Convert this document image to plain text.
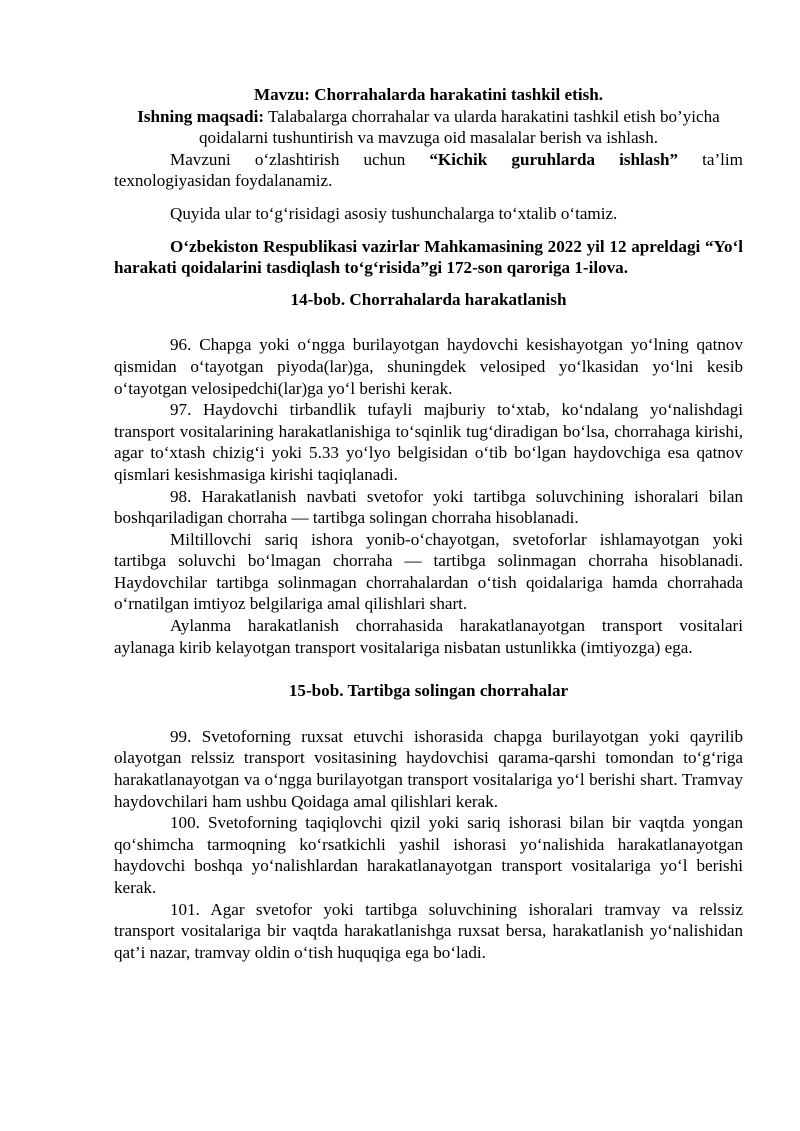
Mavzu: Chorrahalarda harakatini tashkil etish.

Ishning maqsadi: Talabalarga chorrahalar va ularda harakatini tashkil etish bo’yicha qoidalarni tushuntirish va mavzuga oid masalalar berish va ishlash.

Mavzuni o‘zlashtirish uchun “Kichik guruhlarda ishlash” ta’lim texnologiyasidan foydalanamiz.

Quyida ular to‘g‘risidagi asosiy tushunchalarga to‘xtalib o‘tamiz.

O‘zbekiston Respublikasi vazirlar Mahkamasining 2022 yil 12 apreldagi “Yo‘l harakati qoidalarini tasdiqlash to‘g‘risida”gi 172-son qaroriga 1-ilova.

14-bob. Chorrahalarda harakatlanish

96. Chapga yoki o‘ngga burilayotgan haydovchi kesishayotgan yo‘lning qatnov qismidan o‘tayotgan piyoda(lar)ga, shuningdek velosiped yo‘lkasidan yo‘lni kesib o‘tayotgan velosipedchi(lar)ga yo‘l berishi kerak.

97. Haydovchi tirbandlik tufayli majburiy to‘xtab, ko‘ndalang yo‘nalishdagi transport vositalarining harakatlanishiga to‘sqinlik tug‘diradigan bo‘lsa, chorrahaga kirishi, agar to‘xtash chizig‘i yoki 5.33 yo‘lyo belgisidan o‘tib bo‘lgan haydovchiga esa qatnov qismlari kesishmasiga kirishi taqiqlanadi.

98. Harakatlanish navbati svetofor yoki tartibga soluvchining ishoralari bilan boshqariladigan chorraha — tartibga solingan chorraha hisoblanadi.

Miltillovchi sariq ishora yonib-o‘chayotgan, svetoforlar ishlamayotgan yoki tartibga soluvchi bo‘lmagan chorraha — tartibga solinmagan chorraha hisoblanadi. Haydovchilar tartibga solinmagan chorrahalardan o‘tish qoidalariga hamda chorrahada o‘rnatilgan imtiyoz belgilariga amal qilishlari shart.

Aylanma harakatlanish chorrahasida harakatlanayotgan transport vositalari aylanaga kirib kelayotgan transport vositalariga nisbatan ustunlikka (imtiyozga) ega.

15-bob. Tartibga solingan chorrahalar

99. Svetoforning ruxsat etuvchi ishorasida chapga burilayotgan yoki qayrilib olayotgan relssiz transport vositasining haydovchisi qarama-qarshi tomondan to‘g‘riga harakatlanayotgan va o‘ngga burilayotgan transport vositalariga yo‘l berishi shart. Tramvay haydovchilari ham ushbu Qoidaga amal qilishlari kerak.

100. Svetoforning taqiqlovchi qizil yoki sariq ishorasi bilan bir vaqtda yongan qo‘shimcha tarmoqning ko‘rsatkichli yashil ishorasi yo‘nalishida harakatlanayotgan haydovchi boshqa yo‘nalishlardan harakatlanayotgan transport vositalariga yo‘l berishi kerak.

101. Agar svetofor yoki tartibga soluvchining ishoralari tramvay va relssiz transport vositalariga bir vaqtda harakatlanishga ruxsat bersa, harakatlanish yo‘nalishidan qat’i nazar, tramvay oldin o‘tish huquqiga ega bo‘ladi.
